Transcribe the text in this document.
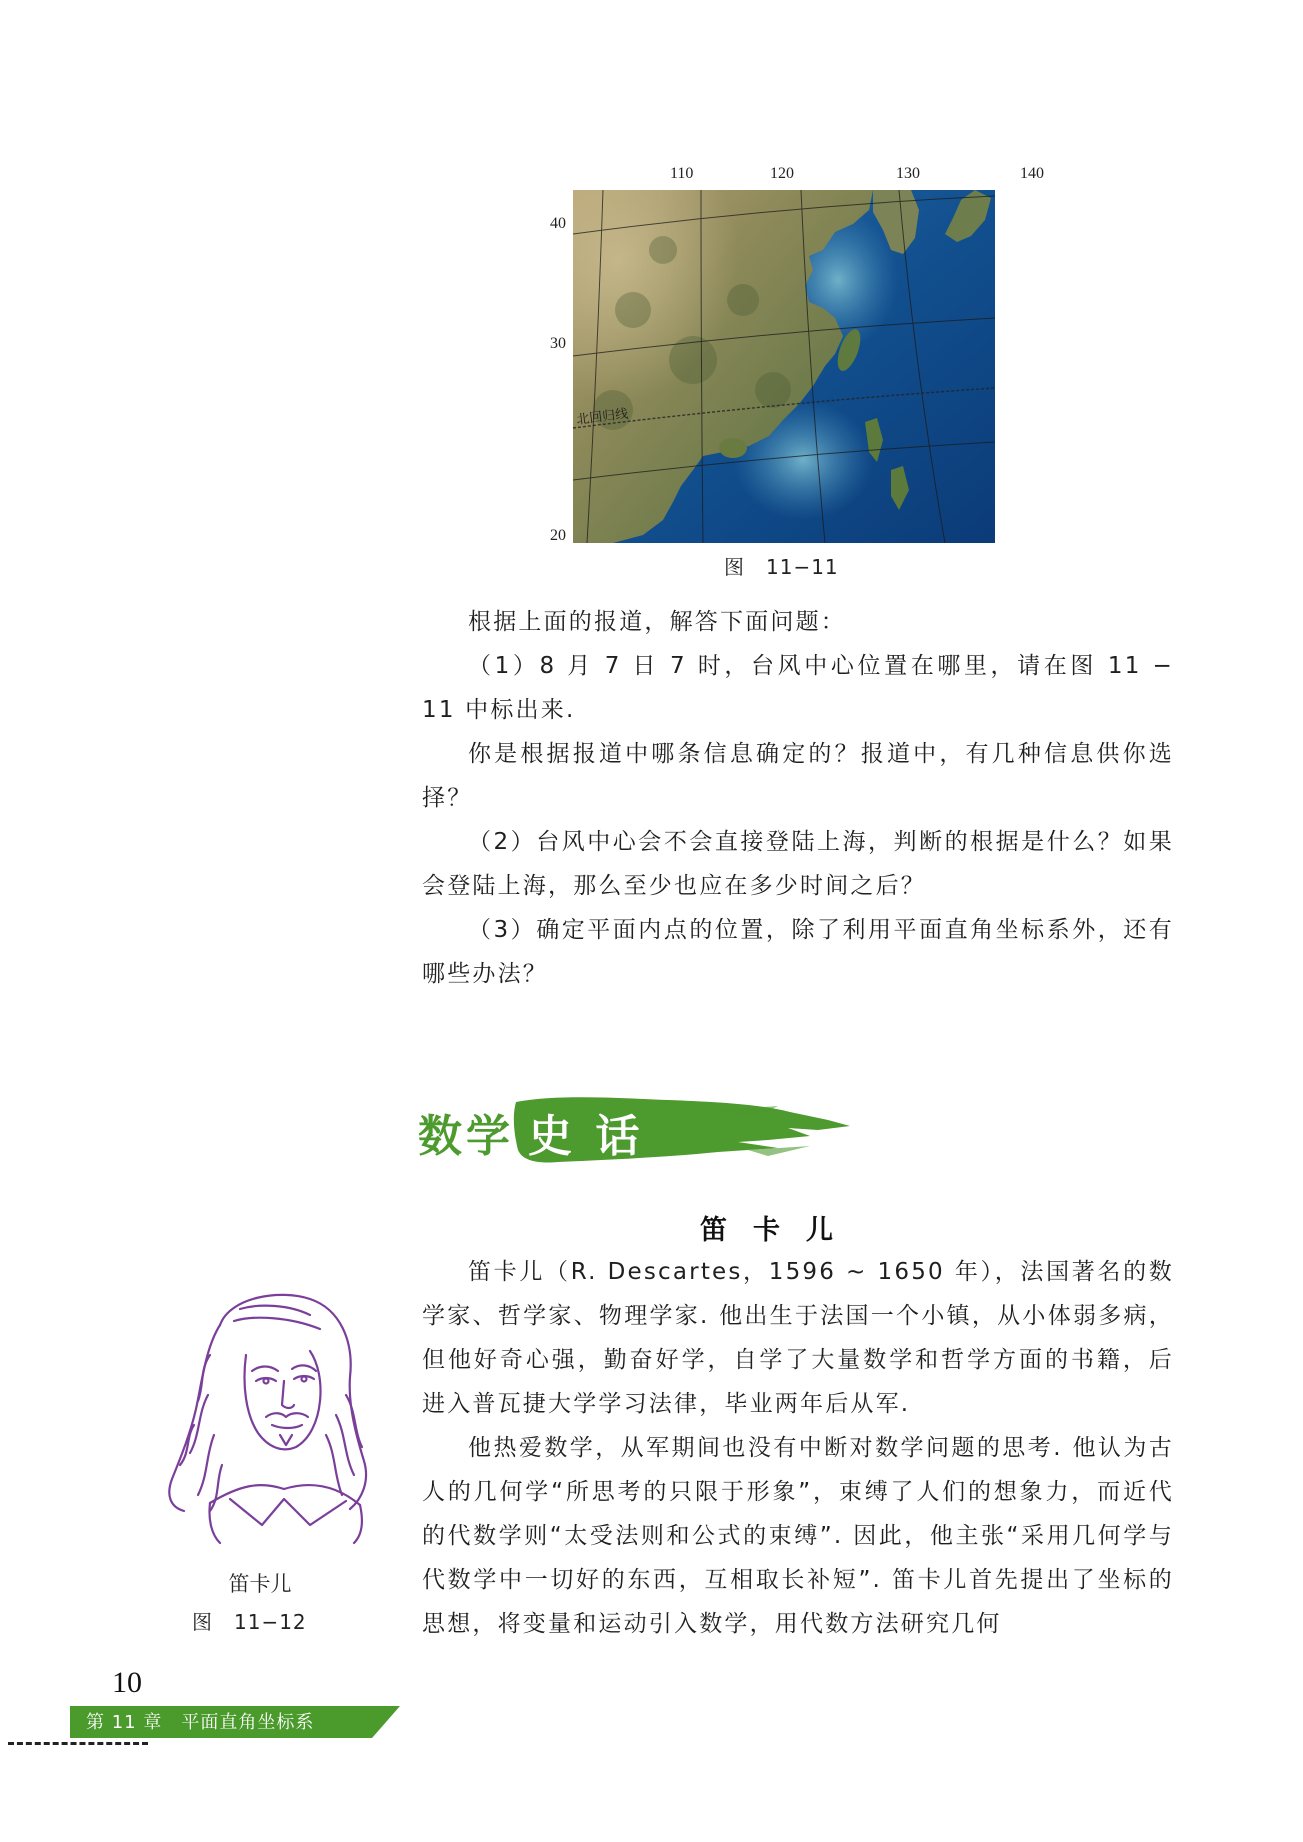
北回归线
40
30
20
110	120	130	140
图　11−11

根据上面的报道，解答下面问题：

（1）8 月 7 日 7 时，台风中心位置在哪里，请在图 11 − 11 中标出来.

你是根据报道中哪条信息确定的？报道中，有几种信息供你选择？

（2）台风中心会不会直接登陆上海，判断的根据是什么？如果会登陆上海，那么至少也应在多少时间之后？

（3）确定平面内点的位置，除了利用平面直角坐标系外，还有哪些办法？

数学 史 话
笛卡儿

笛卡儿（R. Descartes，1596 ~ 1650 年），法国著名的数学家、哲学家、物理学家. 他出生于法国一个小镇，从小体弱多病，但他好奇心强，勤奋好学，自学了大量数学和哲学方面的书籍，后进入普瓦捷大学学习法律，毕业两年后从军.

他热爱数学，从军期间也没有中断对数学问题的思考. 他认为古人的几何学“所思考的只限于形象”，束缚了人们的想象力，而近代的代数学则“太受法则和公式的束缚”. 因此，他主张“采用几何学与代数学中一切好的东西，互相取长补短”. 笛卡儿首先提出了坐标的思想，将变量和运动引入数学，用代数方法研究几何

笛卡儿
图　11−12
10
第 11 章　平面直角坐标系
